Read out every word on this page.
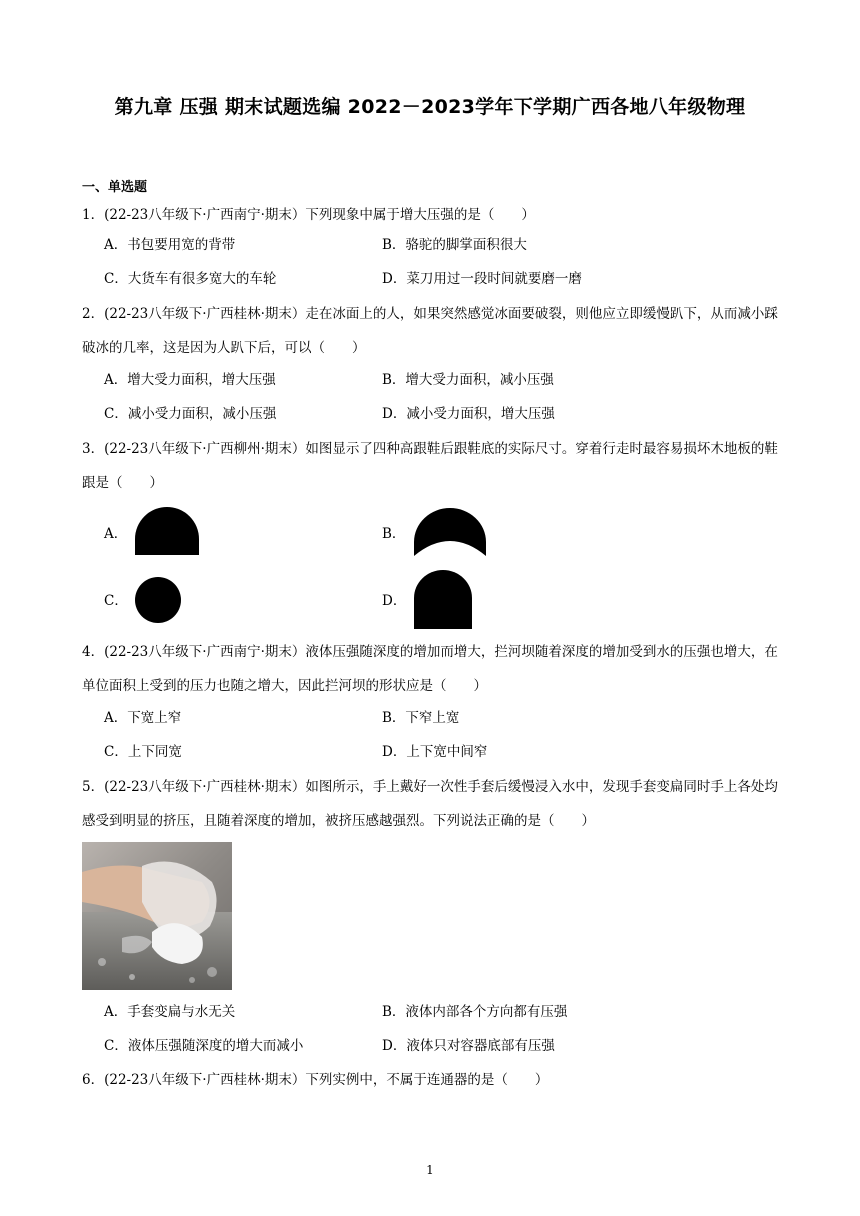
第九章 压强 期末试题选编 2022－2023学年下学期广西各地八年级物理
一、单选题
1．(22-23八年级下·广西南宁·期末）下列现象中属于增大压强的是（　　）
A．书包要用宽的背带	B．骆驼的脚掌面积很大
C．大货车有很多宽大的车轮	D．菜刀用过一段时间就要磨一磨
2．(22-23八年级下·广西桂林·期末）走在冰面上的人，如果突然感觉冰面要破裂，则他应立即缓慢趴下，从而减小踩破冰的几率，这是因为人趴下后，可以（　　）
A．增大受力面积，增大压强	B．增大受力面积，减小压强
C．减小受力面积，减小压强	D．减小受力面积，增大压强
3．(22-23八年级下·广西柳州·期末）如图显示了四种高跟鞋后跟鞋底的实际尺寸。穿着行走时最容易损坏木地板的鞋跟是（　　）
A．	B．
C．	D．
4．(22-23八年级下·广西南宁·期末）液体压强随深度的增加而增大，拦河坝随着深度的增加受到水的压强也增大，在单位面积上受到的压力也随之增大，因此拦河坝的形状应是（　　）
A．下宽上窄	B．下窄上宽
C．上下同宽	D．上下宽中间窄
5．(22-23八年级下·广西桂林·期末）如图所示，手上戴好一次性手套后缓慢浸入水中，发现手套变扁同时手上各处均感受到明显的挤压，且随着深度的增加，被挤压感越强烈。下列说法正确的是（　　）
A．手套变扁与水无关	B．液体内部各个方向都有压强
C．液体压强随深度的增大而减小	D．液体只对容器底部有压强
6．(22-23八年级下·广西桂林·期末）下列实例中，不属于连通器的是（　　）
1
